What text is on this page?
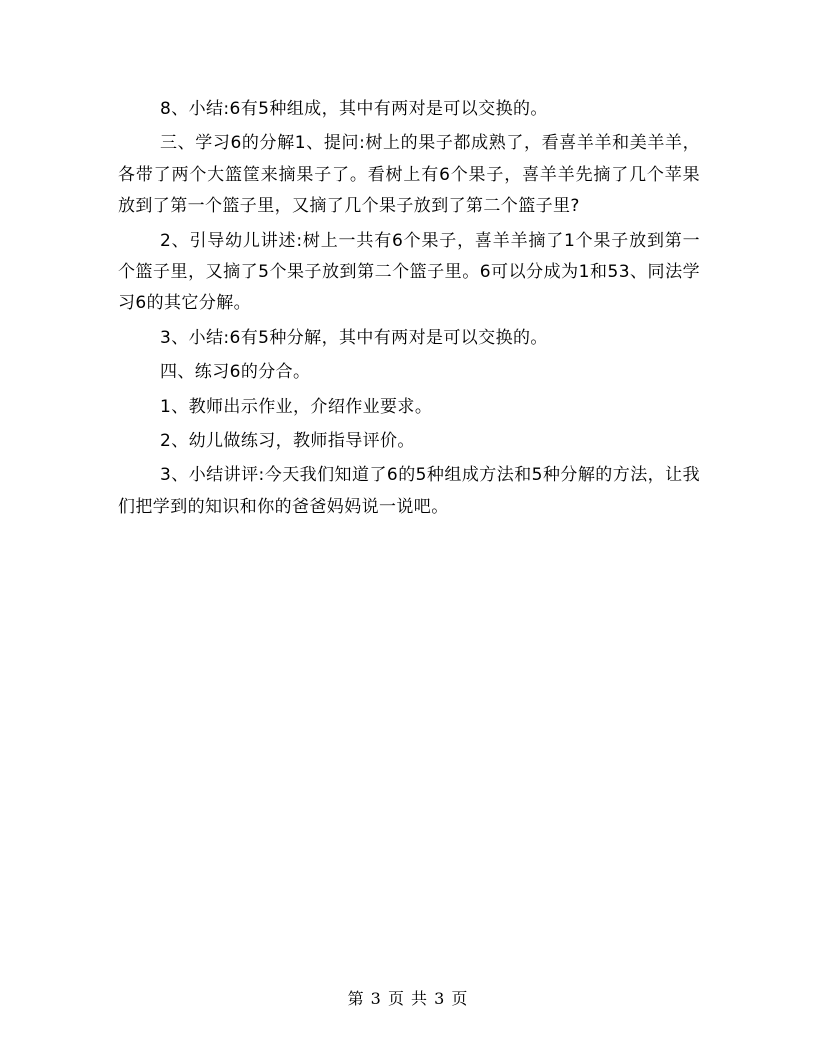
8、小结:6有5种组成，其中有两对是可以交换的。

三、学习6的分解1、提问:树上的果子都成熟了，看喜羊羊和美羊羊，各带了两个大篮筐来摘果子了。看树上有6个果子，喜羊羊先摘了几个苹果放到了第一个篮子里，又摘了几个果子放到了第二个篮子里?

2、引导幼儿讲述:树上一共有6个果子，喜羊羊摘了1个果子放到第一个篮子里，又摘了5个果子放到第二个篮子里。6可以分成为1和53、同法学习6的其它分解。

3、小结:6有5种分解，其中有两对是可以交换的。

四、练习6的分合。

1、教师出示作业，介绍作业要求。

2、幼儿做练习，教师指导评价。

3、小结讲评:今天我们知道了6的5种组成方法和5种分解的方法，让我们把学到的知识和你的爸爸妈妈说一说吧。

第 3 页 共 3 页
